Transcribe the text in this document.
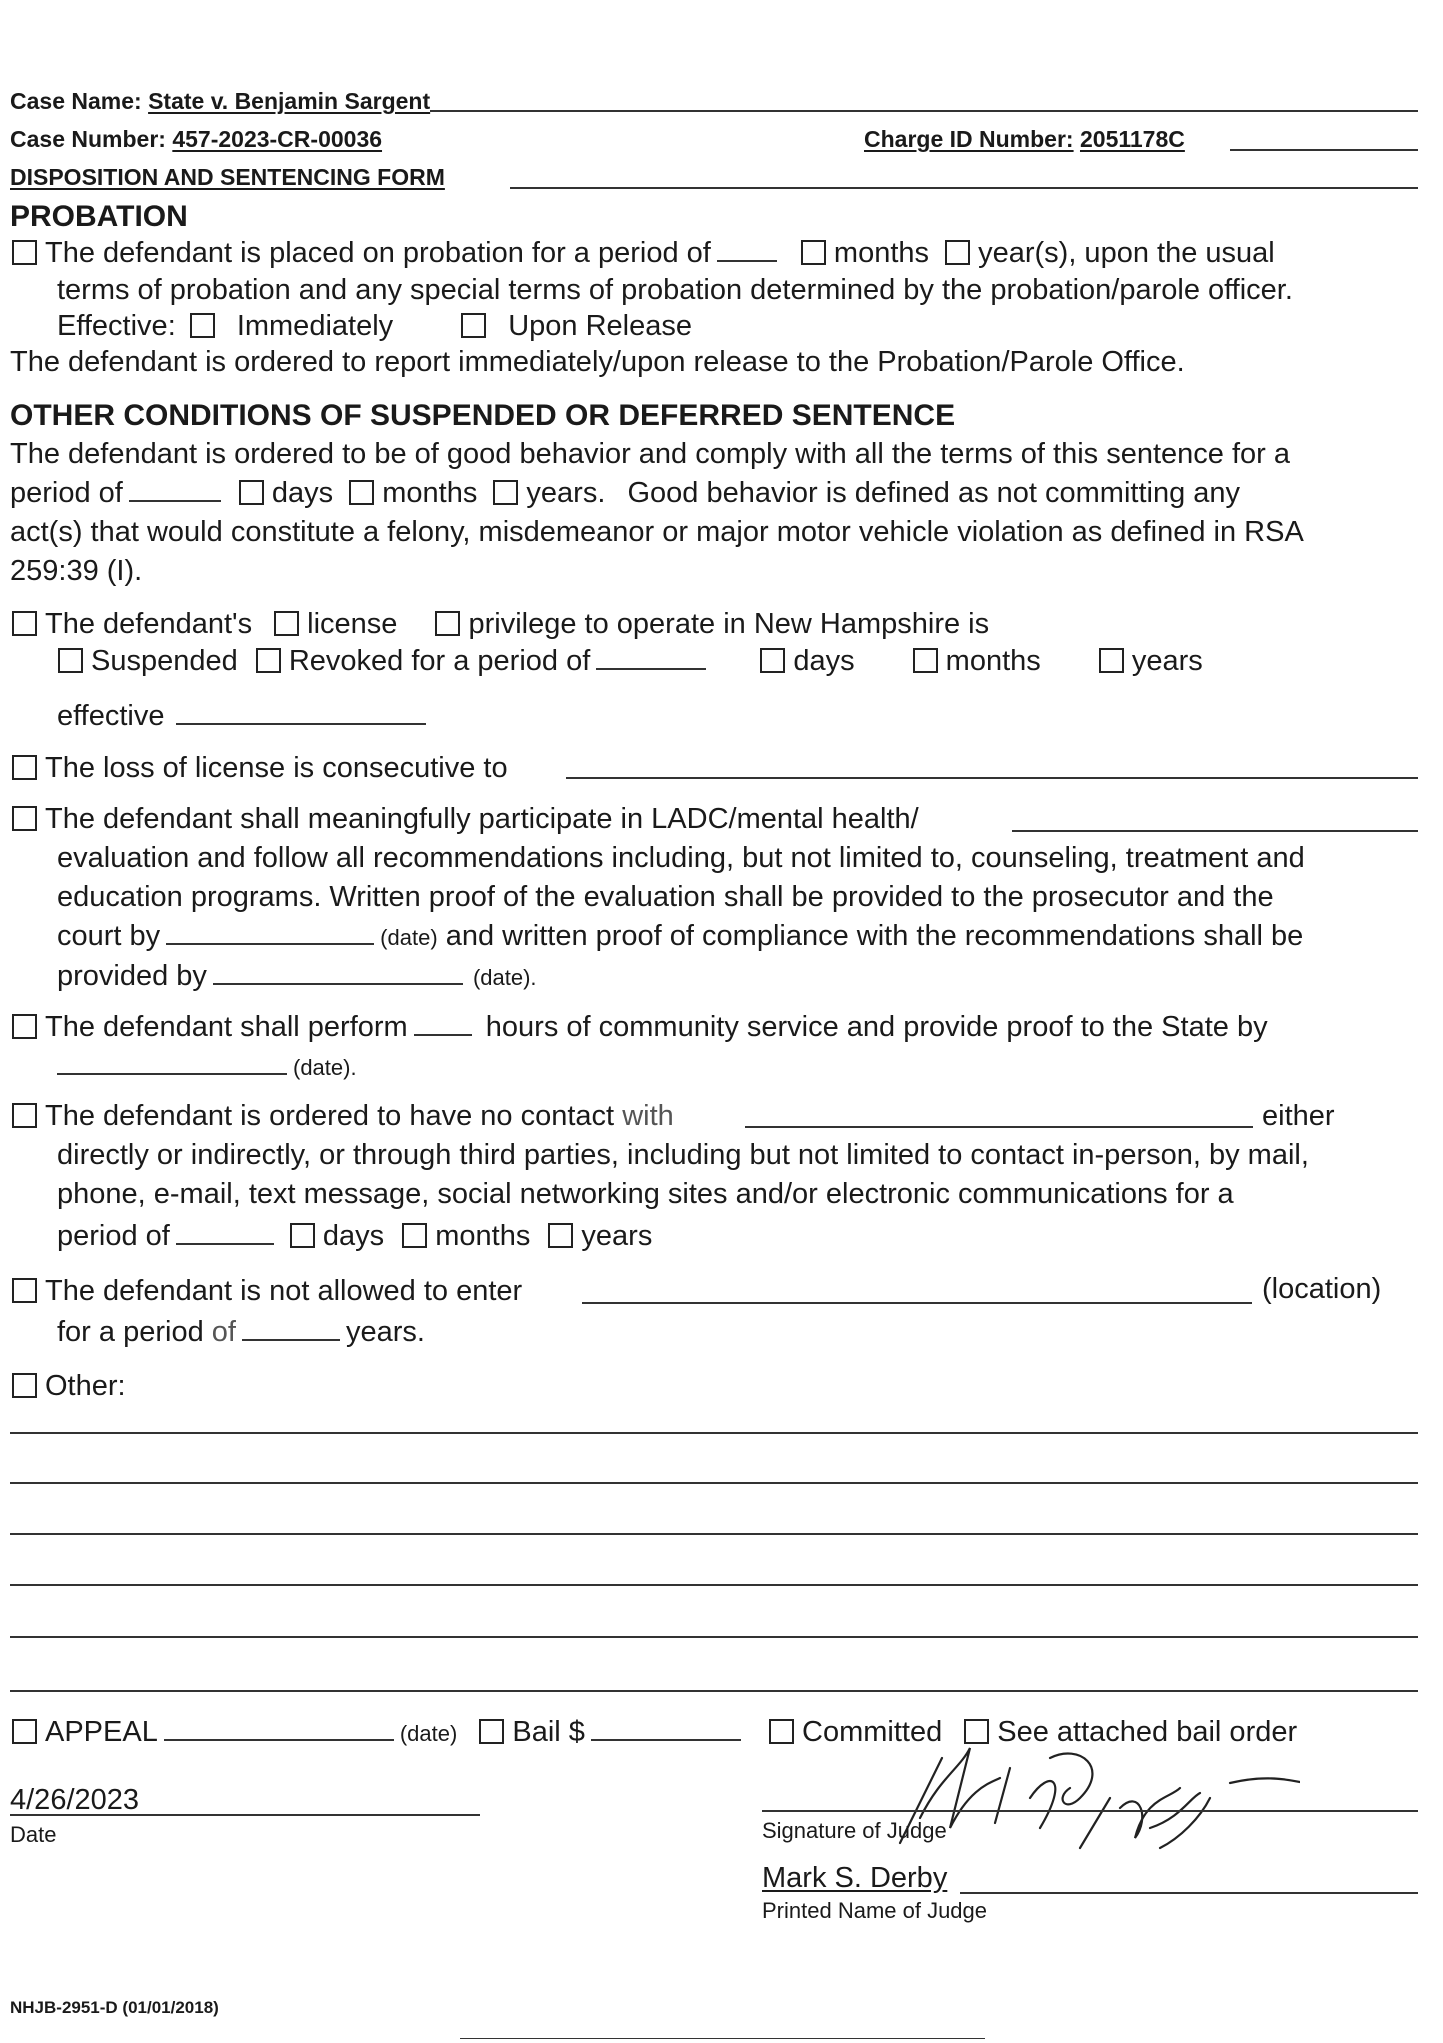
Case Name: State v. Benjamin Sargent
Case Number: 457-2023-CR-00036	Charge ID Number: 2051178C
DISPOSITION AND SENTENCING FORM
PROBATION
The defendant is placed on probation for a period of	months year(s), upon the usual
terms of probation and any special terms of probation determined by the probation/parole officer.
Effective: Immediately	Upon Release
The defendant is ordered to report immediately/upon release to the Probation/Parole Office.
OTHER CONDITIONS OF SUSPENDED OR DEFERRED SENTENCE
The defendant is ordered to be of good behavior and comply with all the terms of this sentence for a
period of	days months years. Good behavior is defined as not committing any
act(s) that would constitute a felony, misdemeanor or major motor vehicle violation as defined in RSA
259:39 (I).
The defendant's license privilege to operate in New Hampshire is
Suspended Revoked for a period of	days	months	years
effective
The loss of license is consecutive to
The defendant shall meaningfully participate in LADC/mental health/
evaluation and follow all recommendations including, but not limited to, counseling, treatment and
education programs. Written proof of the evaluation shall be provided to the prosecutor and the
court by	(date) and written proof of compliance with the recommendations shall be
provided by	(date).
The defendant shall perform	hours of community service and provide proof to the State by
(date).
The defendant is ordered to have no contact with	either
directly or indirectly, or through third parties, including but not limited to contact in-person, by mail,
phone, e-mail, text message, social networking sites and/or electronic communications for a
period of	days months years
The defendant is not allowed to enter	(location)
for a period of	years.
Other:
APPEAL	(date) Bail $	Committed See attached bail order
4/26/2023
Date	Signature of Judge
Mark S. Derby
Printed Name of Judge
NHJB-2951-D (01/01/2018)
